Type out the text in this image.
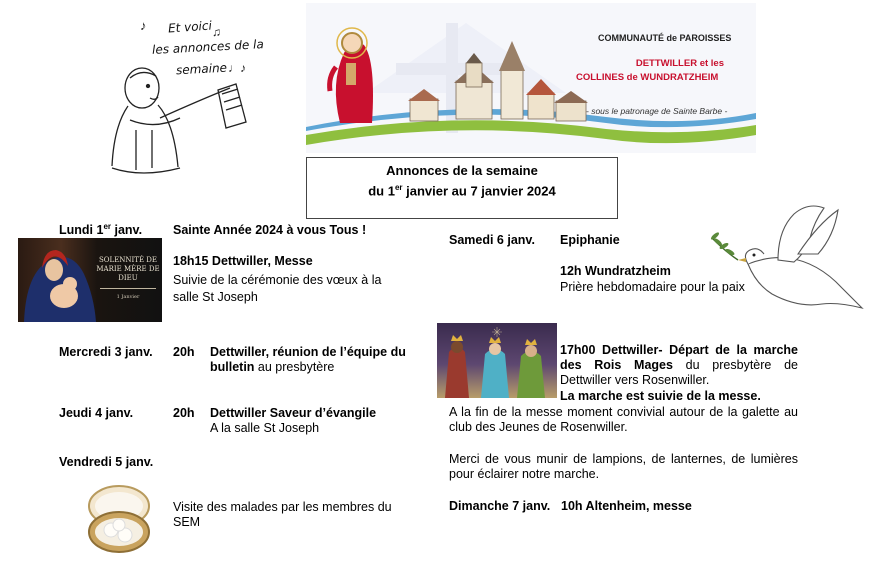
♪	♫
♩♪
Et voici
les annonces de la
semaine
COMMUNAUTÉ de PAROISSES
DETTWILLER et les
COLLINES de WUNDRATZHEIM
- sous le patronage de Sainte Barbe -
Annonces de la semaine
du 1er janvier au 7 janvier 2024
Lundi 1er janv. Sainte Année 2024 à vous Tous !
SOLENNITÉ DE MARIE MÈRE DE DIEU
1 Janvier
18h15 Dettwiller, Messe
Suivie de la cérémonie des vœux à la salle St Joseph
Mercredi 3 janv. 20h Dettwiller, réunion de l’équipe du bulletin au presbytère
Jeudi 4 janv.	20h Dettwiller Saveur d’évangile
A la salle St Joseph
Vendredi 5 janv.
Visite des malades par les membres du SEM
Samedi 6 janv. Epiphanie
12h Wundratzheim
Prière hebdomadaire pour la paix
17h00 Dettwiller- Départ de la marche des Rois Mages du presbytère de Dettwiller vers Rosenwiller.
La marche est suivie de la messe.
A la fin de la messe moment convivial autour de la galette au club des Jeunes de Rosenwiller.
Merci de vous munir de lampions, de lanternes, de lumières pour éclairer notre marche.
Dimanche 7 janv. 10h Altenheim, messe
